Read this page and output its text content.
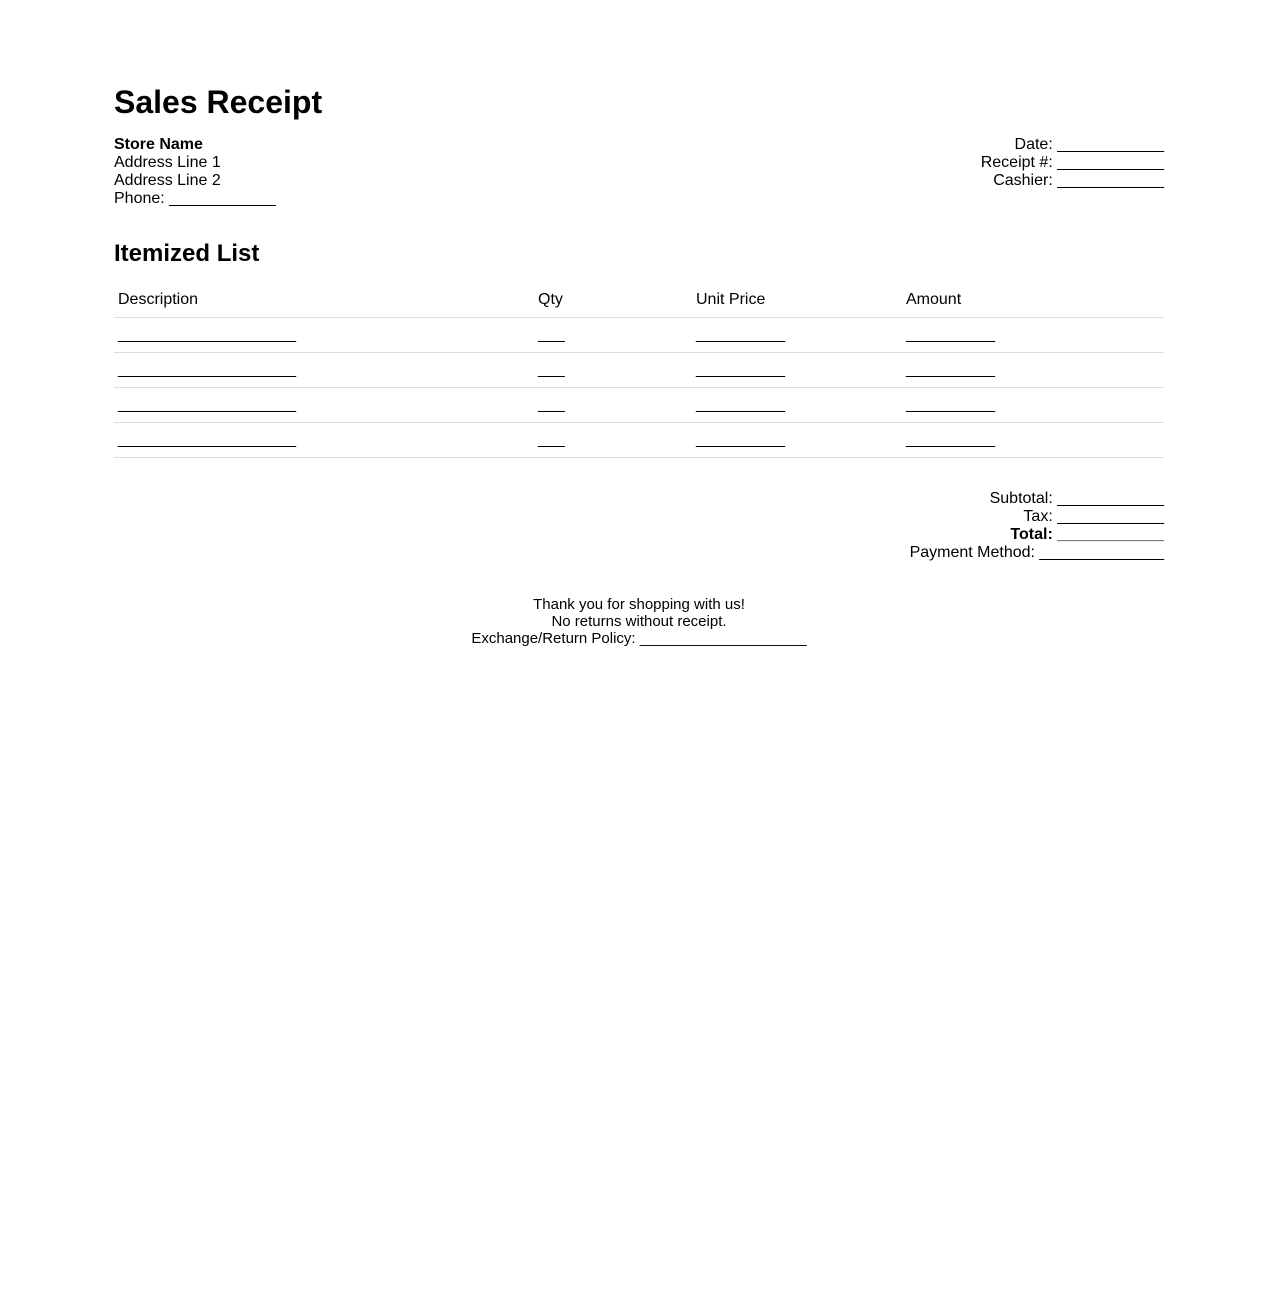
Sales Receipt
Store Name
Address Line 1
Address Line 2
Phone: ____________
Date: ____________
Receipt #: ____________
Cashier: ____________
Itemized List
Description	Qty	Unit Price	Amount
____________________	___	__________	__________
____________________	___	__________	__________
____________________	___	__________	__________
____________________	___	__________	__________
Subtotal: ____________
Tax: ____________
Total: ____________
Payment Method: ______________
Thank you for shopping with us!
No returns without receipt.
Exchange/Return Policy: ____________________
